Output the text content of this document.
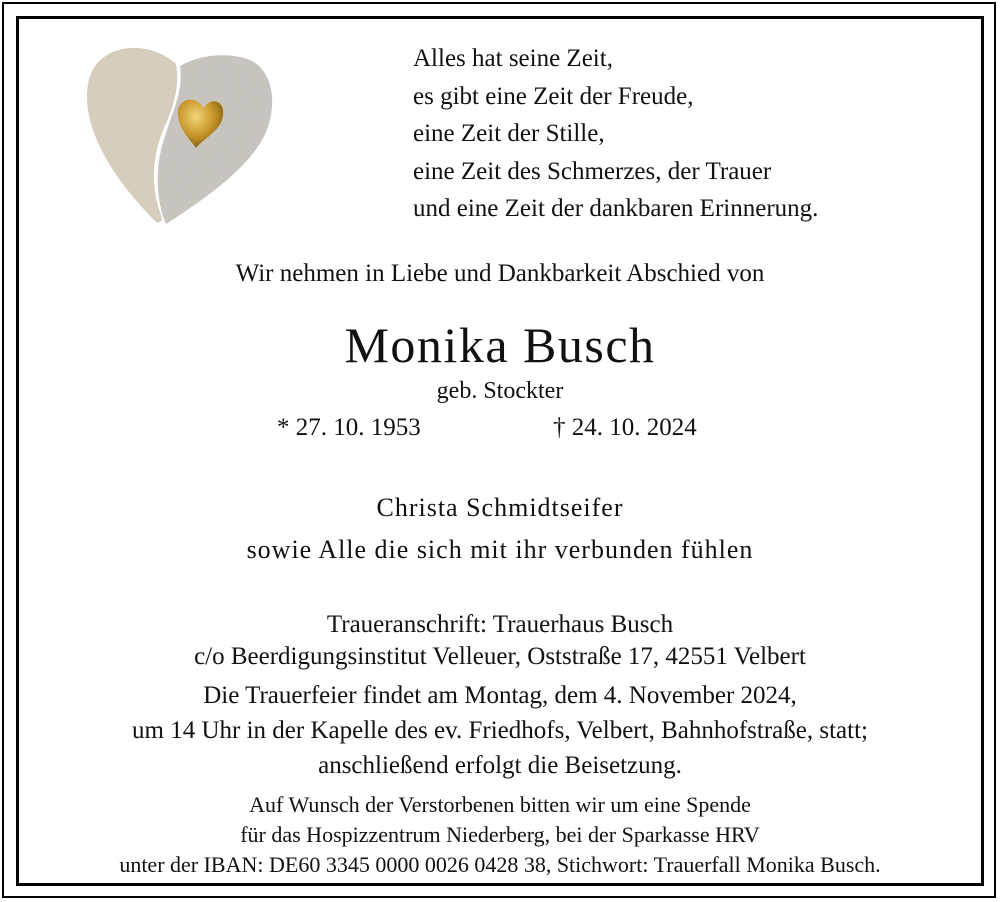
Alles hat seine Zeit,
es gibt eine Zeit der Freude,
eine Zeit der Stille,
eine Zeit des Schmerzes, der Trauer
und eine Zeit der dankbaren Erinnerung.
Wir nehmen in Liebe und Dankbarkeit Abschied von
Monika Busch
geb. Stockter
* 27. 10. 1953	† 24. 10. 2024
Christa Schmidtseifer
sowie Alle die sich mit ihr verbunden fühlen
Traueranschrift: Trauerhaus Busch
c/o Beerdigungsinstitut Velleuer, Oststraße 17, 42551 Velbert
Die Trauerfeier findet am Montag, dem 4. November 2024,
um 14 Uhr in der Kapelle des ev. Friedhofs, Velbert, Bahnhofstraße, statt;
anschließend erfolgt die Beisetzung.
Auf Wunsch der Verstorbenen bitten wir um eine Spende
für das Hospizzentrum Niederberg, bei der Sparkasse HRV
unter der IBAN: DE60 3345 0000 0026 0428 38, Stichwort: Trauerfall Monika Busch.
